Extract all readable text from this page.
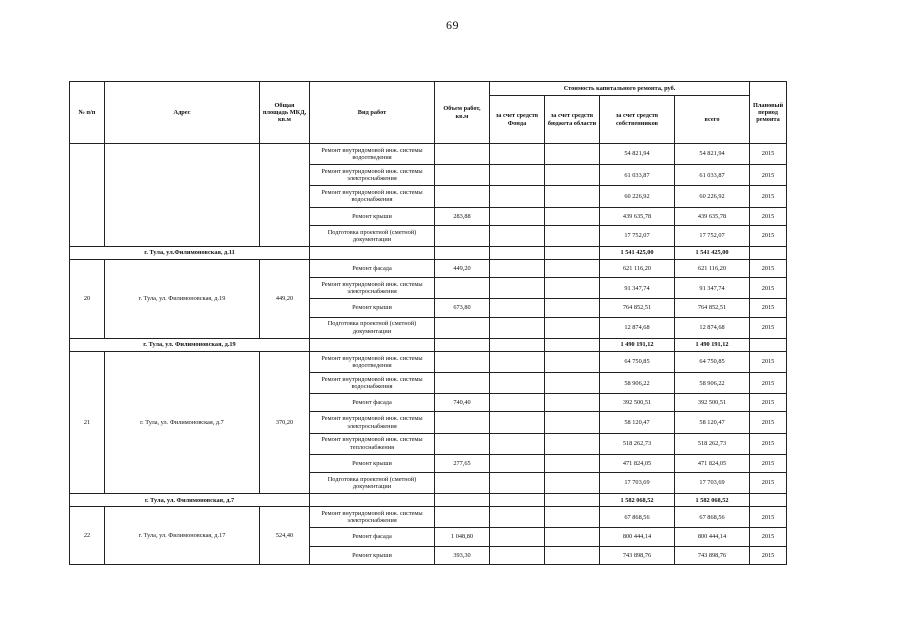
69
№ п/п	Адрес	Общая площадь МКД, кв.м	Вид работ	Объем работ, кв.м	Стоимость капитального ремонта, руб.				Плановый период ремонта
					за счет средств Фонда	за счет средств бюджета области	за счет средств собственников	всего	
			Ремонт внутридомовой инж. системы водоотведения				54 821,94	54 821,94	2015
			Ремонт внутридомовой инж. системы электроснабжения				61 033,87	61 033,87	2015
			Ремонт внутридомовой инж. системы водоснабжения				60 226,92	60 226,92	2015
			Ремонт крыши	283,88			439 635,78	439 635,78	2015
			Подготовка проектной (сметной) документации				17 752,07	17 752,07	2015
г. Тула, ул.Филимоновская, д.11							1 541 425,00	1 541 425,00	
20	г. Тула, ул. Филимоновская, д.19	449,20	Ремонт фасада	449,20			621 116,20	621 116,20	2015
			Ремонт внутридомовой инж. системы электроснабжения				91 347,74	91 347,74	2015
			Ремонт крыши	673,80			764 852,51	764 852,51	2015
			Подготовка проектной (сметной) документации				12 874,68	12 874,68	2015
г. Тула, ул. Филимоновская, д.19							1 490 191,12	1 490 191,12	
21	г. Тула, ул. Филимоновская, д.7	370,20	Ремонт внутридомовой инж. системы водоотведения				64 750,85	64 750,85	2015
			Ремонт внутридомовой инж. системы водоснабжения				58 906,22	58 906,22	2015
			Ремонт фасада	740,40			392 500,51	392 500,51	2015
			Ремонт внутридомовой инж. системы электроснабжения				58 120,47	58 120,47	2015
			Ремонт внутридомовой инж. системы теплоснабжения				518 262,73	518 262,73	2015
			Ремонт крыши	277,65			471 824,05	471 824,05	2015
			Подготовка проектной (сметной) документации				17 703,69	17 703,69	2015
г. Тула, ул. Филимоновская, д.7							1 582 068,52	1 582 068,52	
22	г. Тула, ул. Филимоновская, д.17	524,40	Ремонт внутридомовой инж. системы электроснабжения				67 868,56	67 868,56	2015
			Ремонт фасада	1 048,80			800 444,14	800 444,14	2015
			Ремонт крыши	393,30			743 898,76	743 898,76	2015
